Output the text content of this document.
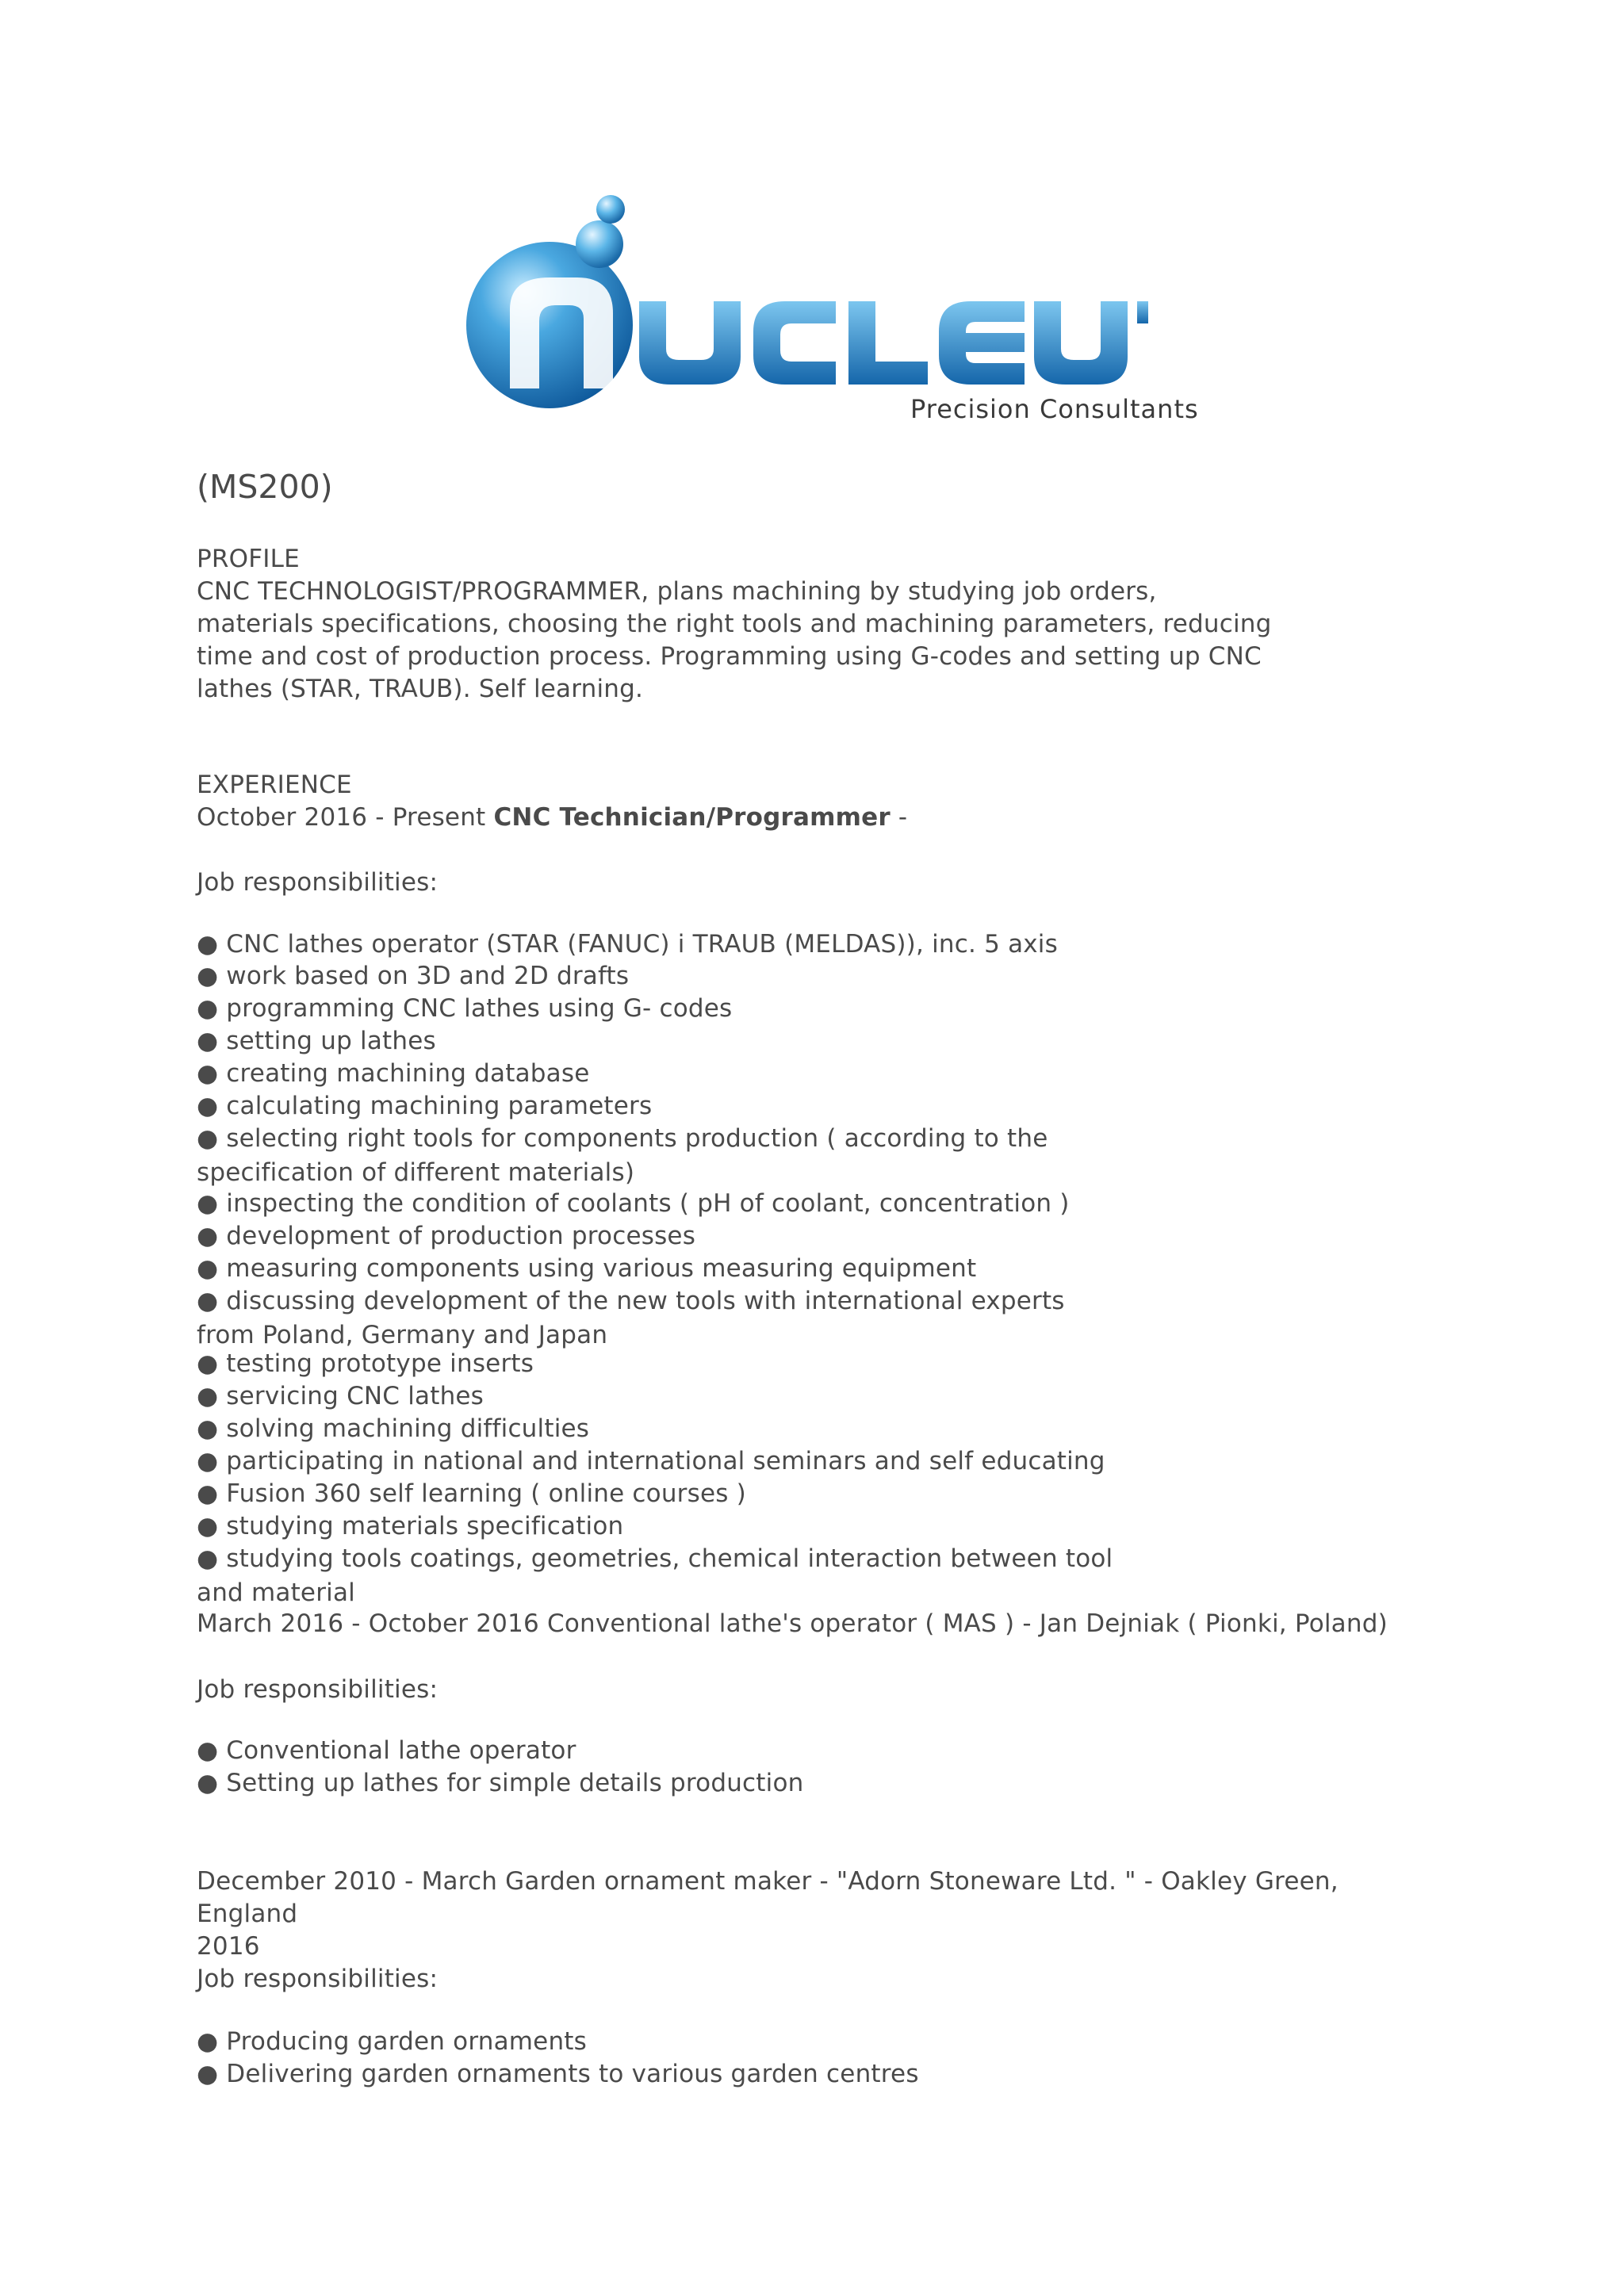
Precision Consultants
(MS200)
PROFILE
CNC TECHNOLOGIST/PROGRAMMER, plans machining by studying job orders,
materials specifications, choosing the right tools and machining parameters, reducing
time and cost of production process. Programming using G-codes and setting up CNC
lathes (STAR, TRAUB). Self learning.
EXPERIENCE
October 2016 - Present CNC Technician/Programmer -
Job responsibilities:
● CNC lathes operator (STAR (FANUC) i TRAUB (MELDAS)), inc. 5 axis
● work based on 3D and 2D drafts
● programming CNC lathes using G- codes
● setting up lathes
● creating machining database
● calculating machining parameters
● selecting right tools for components production ( according to the
specification of different materials)
● inspecting the condition of coolants ( pH of coolant, concentration )
● development of production processes
● measuring components using various measuring equipment
● discussing development of the new tools with international experts
from Poland, Germany and Japan
● testing prototype inserts
● servicing CNC lathes
● solving machining difficulties
● participating in national and international seminars and self educating
● Fusion 360 self learning ( online courses )
● studying materials specification
● studying tools coatings, geometries, chemical interaction between tool
and material
March 2016 - October 2016 Conventional lathe's operator ( MAS ) - Jan Dejniak ( Pionki, Poland)
Job responsibilities:
● Conventional lathe operator
● Setting up lathes for simple details production
December 2010 - March Garden ornament maker - "Adorn Stoneware Ltd. " - Oakley Green,
England
2016
Job responsibilities:
● Producing garden ornaments
● Delivering garden ornaments to various garden centres
